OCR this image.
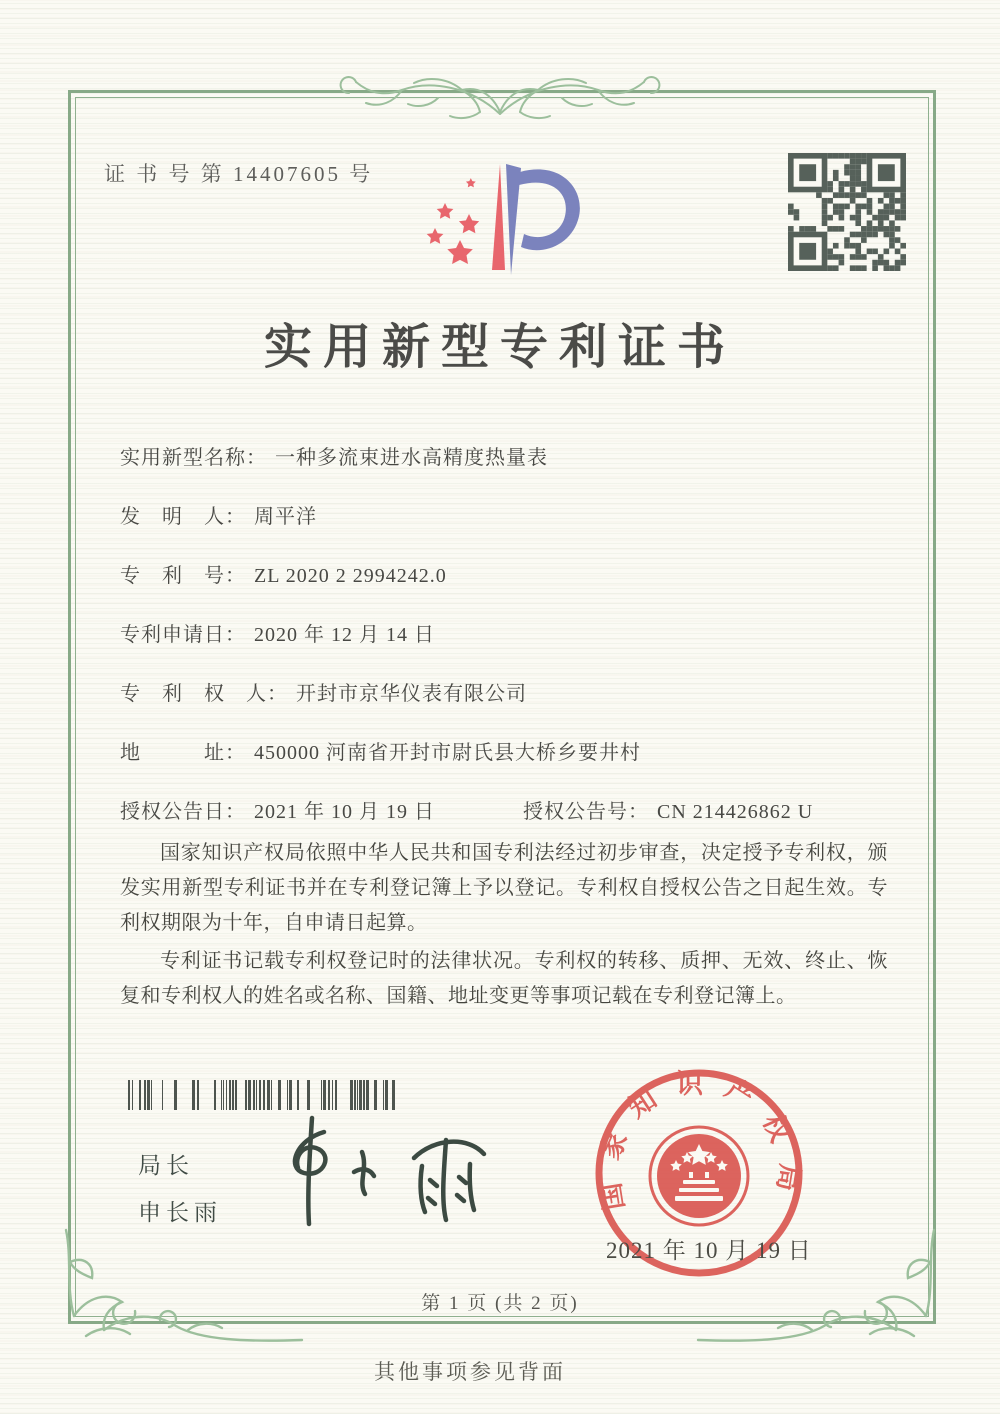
证 书 号 第 14407605 号
实用新型专利证书
实用新型名称： 一种多流束进水高精度热量表
发　明　人： 周平洋
专　利　号： ZL 2020 2 2994242.0
专利申请日： 2020 年 12 月 14 日
专　利　权　人： 开封市京华仪表有限公司
地　　　址： 450000 河南省开封市尉氏县大桥乡要井村
授权公告日： 2021 年 10 月 19 日	授权公告号： CN 214426862 U

国家知识产权局依照中华人民共和国专利法经过初步审查，决定授予专利权，颁发实用新型专利证书并在专利登记簿上予以登记。专利权自授权公告之日起生效。专利权期限为十年，自申请日起算。

专利证书记载专利权登记时的法律状况。专利权的转移、质押、无效、终止、恢复和专利权人的姓名或名称、国籍、地址变更等事项记载在专利登记簿上。

局长
申长雨
国家知识产权局
2021 年 10 月 19 日
第 1 页 (共 2 页)
其他事项参见背面
